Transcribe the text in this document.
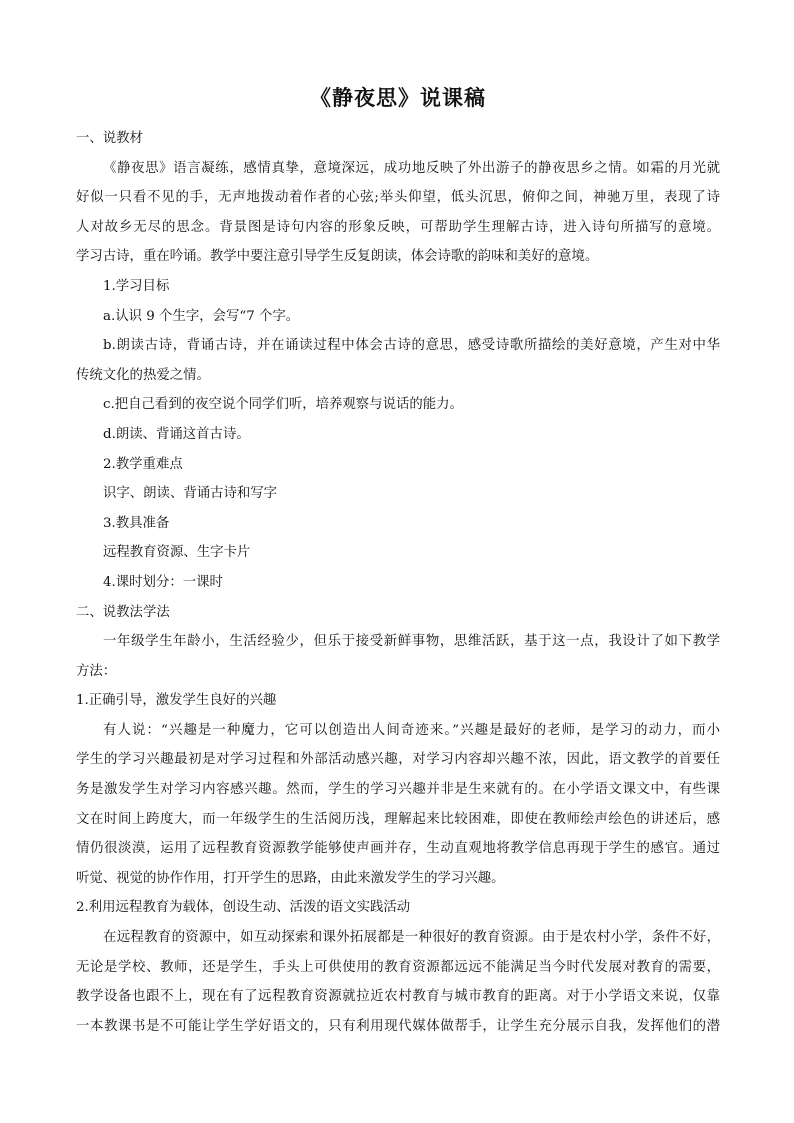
《静夜思》说课稿
一、说教材
《静夜思》语言凝练，感情真挚，意境深远，成功地反映了外出游子的静夜思乡之情。如霜的月光就
好似一只看不见的手，无声地拨动着作者的心弦;举头仰望，低头沉思，俯仰之间，神驰万里，表现了诗
人对故乡无尽的思念。背景图是诗句内容的形象反映，可帮助学生理解古诗，进入诗句所描写的意境。
学习古诗，重在吟诵。教学中要注意引导学生反复朗读，体会诗歌的韵味和美好的意境。
1.学习目标
a.认识 9 个生字，会写“7 个字。
b.朗读古诗，背诵古诗，并在诵读过程中体会古诗的意思，感受诗歌所描绘的美好意境，产生对中华
传统文化的热爱之情。
c.把自己看到的夜空说个同学们听，培养观察与说话的能力。
d.朗读、背诵这首古诗。
2.教学重难点
识字、朗读、背诵古诗和写字
3.教具准备
远程教育资源、生字卡片
4.课时划分：一课时
二、说教法学法
一年级学生年龄小，生活经验少，但乐于接受新鲜事物，思维活跃，基于这一点，我设计了如下教学
方法：
1.正确引导，激发学生良好的兴趣
有人说：“兴趣是一种魔力，它可以创造出人间奇迹来。”兴趣是最好的老师，是学习的动力，而小
学生的学习兴趣最初是对学习过程和外部活动感兴趣，对学习内容却兴趣不浓，因此，语文教学的首要任
务是激发学生对学习内容感兴趣。然而，学生的学习兴趣并非是生来就有的。在小学语文课文中，有些课
文在时间上跨度大，而一年级学生的生活阅历浅，理解起来比较困难，即使在教师绘声绘色的讲述后，感
情仍很淡漠，运用了远程教育资源教学能够使声画并存，生动直观地将教学信息再现于学生的感官。通过
听觉、视觉的协作作用，打开学生的思路，由此来激发学生的学习兴趣。
2.利用远程教育为载体，创设生动、活泼的语文实践活动
在远程教育的资源中，如互动探索和课外拓展都是一种很好的教育资源。由于是农村小学，条件不好，
无论是学校、教师，还是学生，手头上可供使用的教育资源都远远不能满足当今时代发展对教育的需要，
教学设备也跟不上，现在有了远程教育资源就拉近农村教育与城市教育的距离。对于小学语文来说，仅靠
一本教课书是不可能让学生学好语文的，只有利用现代媒体做帮手，让学生充分展示自我，发挥他们的潜
